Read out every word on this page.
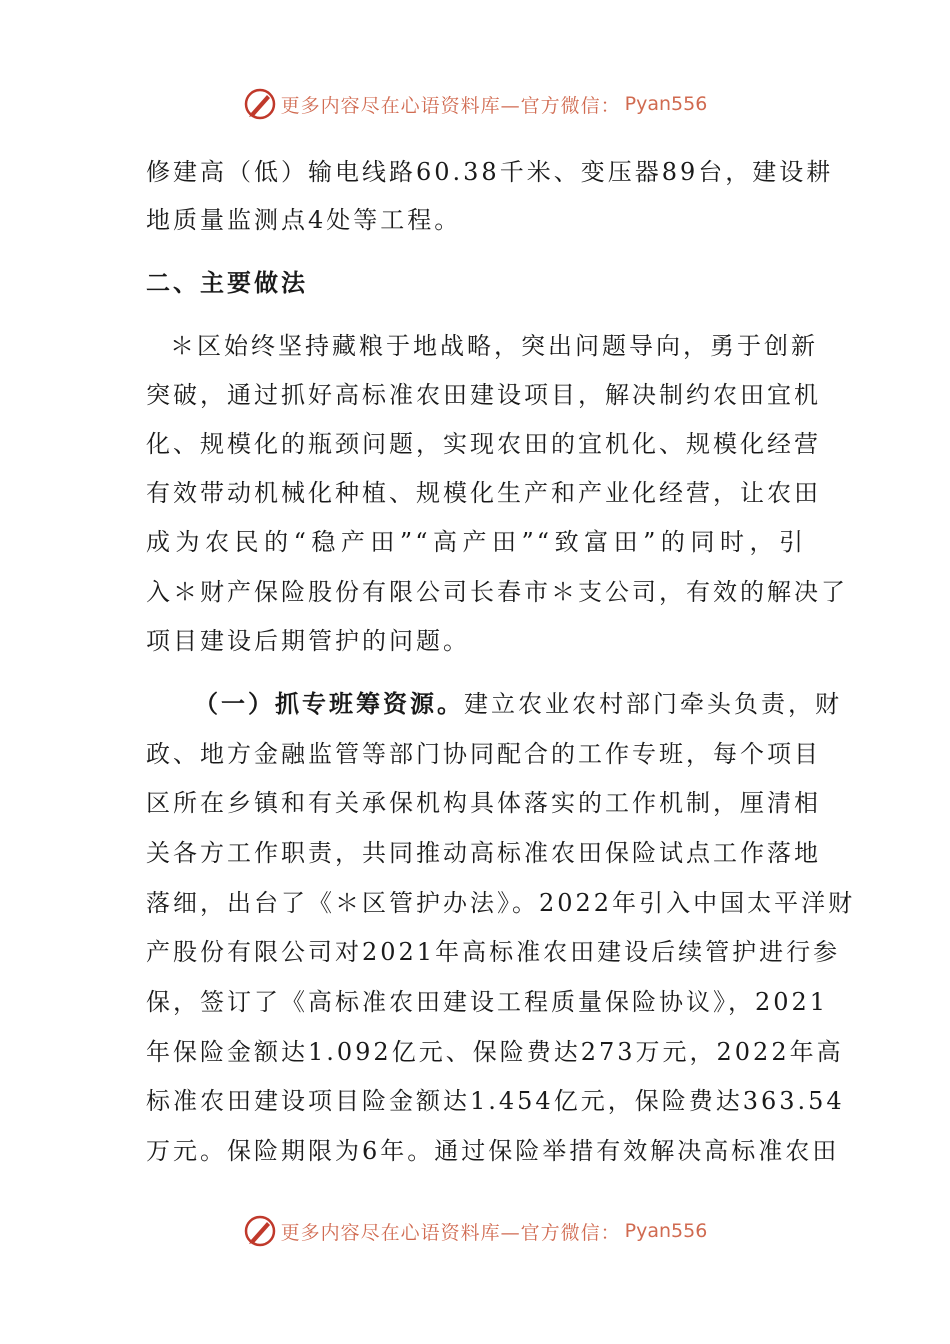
更多内容尽在心语资料库—官方微信： Pyan556
修建高（低）输电线路60.38千米、变压器89台，建设耕
地质量监测点4处等工程。
二、主要做法
＊区始终坚持藏粮于地战略，突出问题导向，勇于创新
突破，通过抓好高标准农田建设项目，解决制约农田宜机
化、规模化的瓶颈问题，实现农田的宜机化、规模化经营
有效带动机械化种植、规模化生产和产业化经营，让农田
成为农民的“稳产田”“高产田”“致富田”的同时，引
入＊财产保险股份有限公司长春市＊支公司，有效的解决了
项目建设后期管护的问题。
（一）抓专班筹资源。建立农业农村部门牵头负责，财
政、地方金融监管等部门协同配合的工作专班，每个项目
区所在乡镇和有关承保机构具体落实的工作机制，厘清相
关各方工作职责，共同推动高标准农田保险试点工作落地
落细，出台了《＊区管护办法》。2022年引入中国太平洋财
产股份有限公司对2021年高标准农田建设后续管护进行参
保，签订了《高标准农田建设工程质量保险协议》，2021
年保险金额达1.092亿元、保险费达273万元，2022年高
标准农田建设项目险金额达1.454亿元，保险费达363.54
万元。保险期限为6年。通过保险举措有效解决高标准农田
更多内容尽在心语资料库—官方微信： Pyan556
